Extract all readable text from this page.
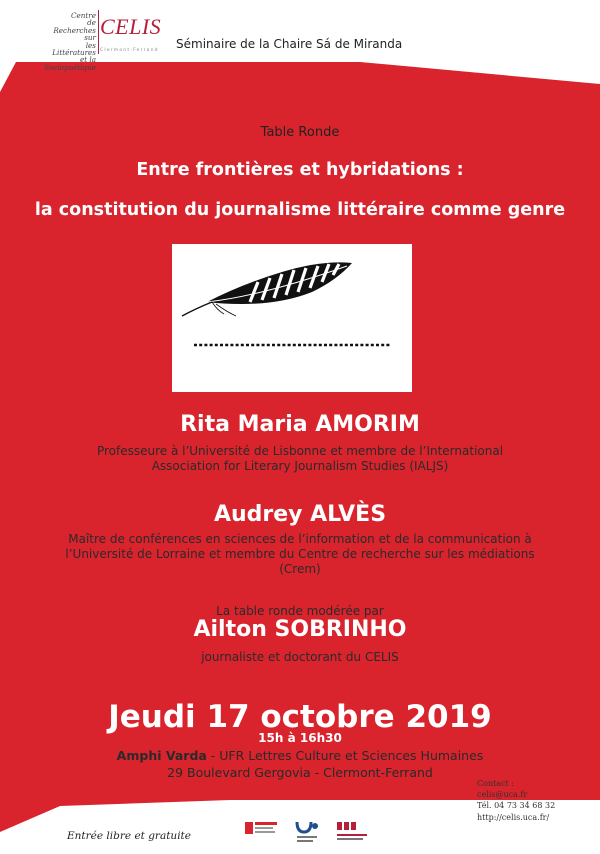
Centre
de Recherches sur
les Littératures
et la Sociopoétique
CELIS
Clermont-Ferrand Séminaire de la Chaire Sá de Miranda
Table Ronde
Entre frontières et hybridations :
la constitution du journalisme littéraire comme genre
Rita Maria AMORIM
Professeure à l’Université de Lisbonne et membre de l’International
Association for Literary Journalism Studies (IALJS)
Audrey ALVÈS
Maître de conférences en sciences de l’information et de la communication à
l’Université de Lorraine et membre du Centre de recherche sur les médiations
(Crem)
La table ronde modérée par
Ailton SOBRINHO
journaliste et doctorant du CELIS
Jeudi 17 octobre 2019
15h à 16h30
Amphi Varda - UFR Lettres Culture et Sciences Humaines
29 Boulevard Gergovia - Clermont-Ferrand
Entrée libre et gratuite
Contact :
celis@uca.fr
Tél. 04 73 34 68 32
http://celis.uca.fr/
